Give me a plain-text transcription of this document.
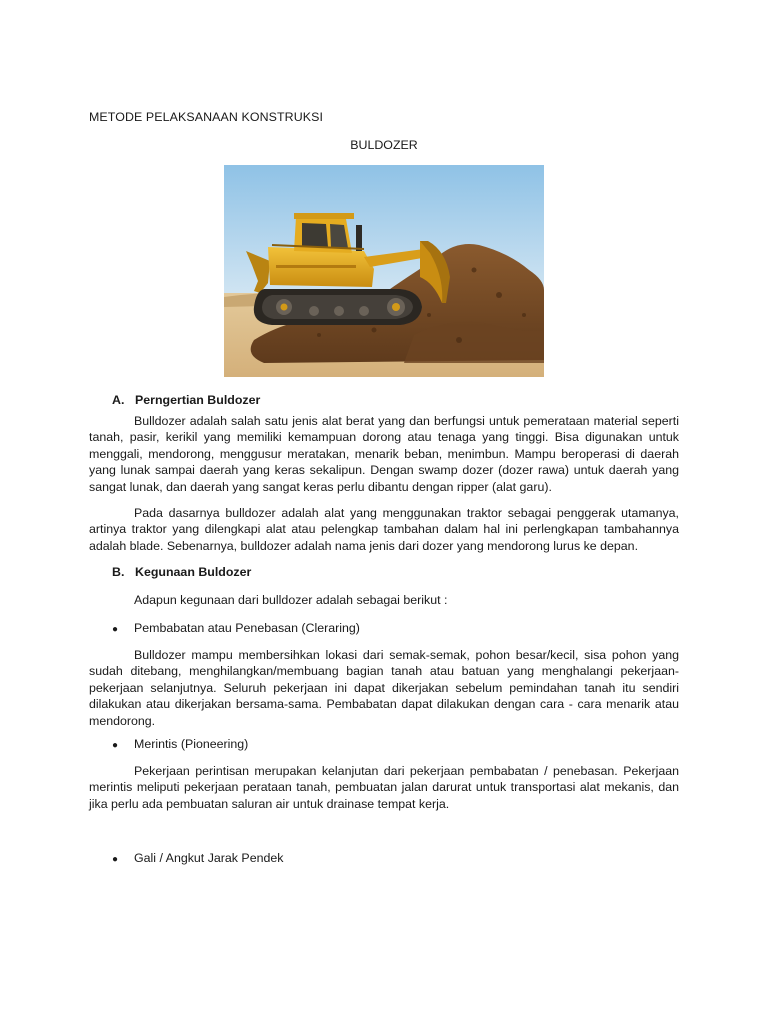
METODE PELAKSANAAN KONSTRUKSI
BULDOZER
A. Perngertian Buldozer

Bulldozer adalah salah satu jenis alat berat yang dan berfungsi untuk pemerataan material seperti tanah, pasir, kerikil yang memiliki kemampuan dorong atau tenaga yang tinggi. Bisa digunakan untuk menggali, mendorong, menggusur meratakan, menarik beban, menimbun. Mampu beroperasi di daerah yang lunak sampai daerah yang keras sekalipun. Dengan swamp dozer (dozer rawa) untuk daerah yang sangat lunak, dan daerah yang sangat keras perlu dibantu dengan ripper (alat garu).

Pada dasarnya bulldozer adalah alat yang menggunakan traktor sebagai penggerak utamanya, artinya traktor yang dilengkapi alat atau pelengkap tambahan dalam hal ini perlengkapan tambahannya adalah blade. Sebenarnya, bulldozer adalah nama jenis dari dozer yang mendorong lurus ke depan.

B. Kegunaan Buldozer
Adapun kegunaan dari bulldozer adalah sebagai berikut :
● Pembabatan atau Penebasan (Cleraring)

Bulldozer mampu membersihkan lokasi dari semak-semak, pohon besar/kecil, sisa pohon yang sudah ditebang, menghilangkan/membuang bagian tanah atau batuan yang menghalangi pekerjaan-pekerjaan selanjutnya. Seluruh pekerjaan ini dapat dikerjakan sebelum pemindahan tanah itu sendiri dilakukan atau dikerjakan bersama-sama. Pembabatan dapat dilakukan dengan cara - cara menarik atau mendorong.

● Merintis (Pioneering)

Pekerjaan perintisan merupakan kelanjutan dari pekerjaan pembabatan / penebasan. Pekerjaan merintis meliputi pekerjaan perataan tanah, pembuatan jalan darurat untuk transportasi alat mekanis, dan jika perlu ada pembuatan saluran air untuk drainase tempat kerja.

● Gali / Angkut Jarak Pendek
